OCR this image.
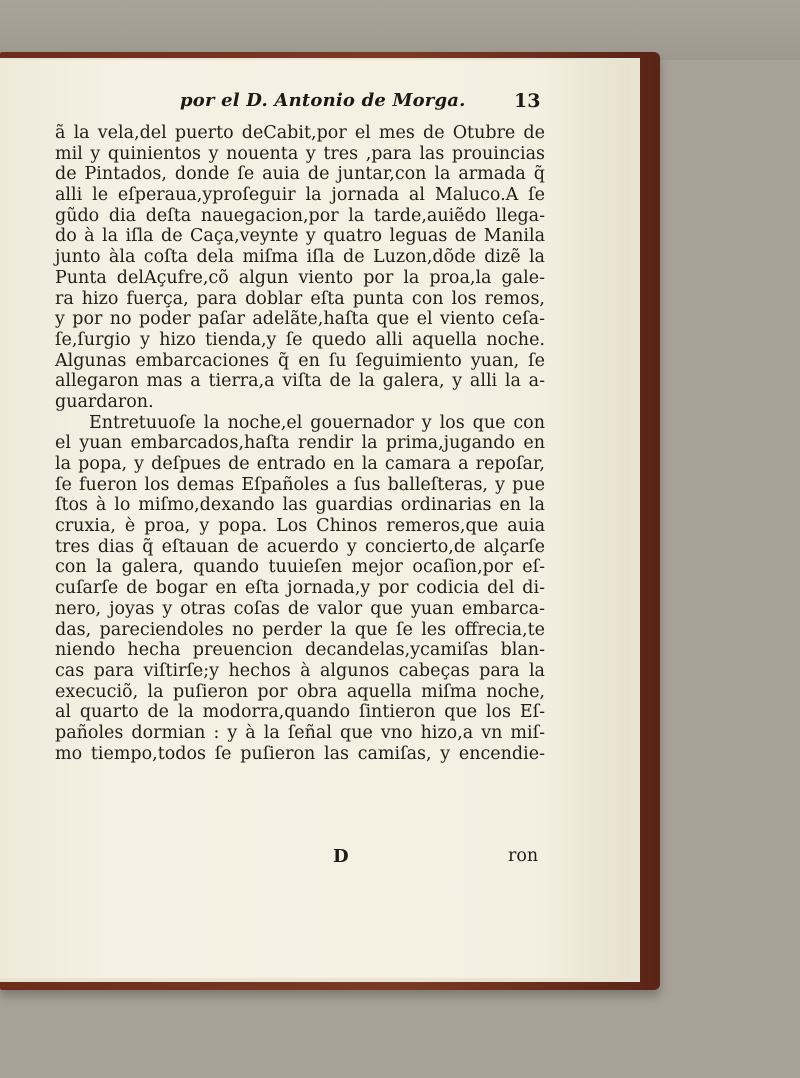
por el D. Antonio de Morga.	13
ã la vela,del puerto deCabit,por el mes de Otubre de
mil y quinientos y nouenta y tres ,para las prouincias
de Pintados, donde ſe auia de juntar,con la armada q̃
alli le eſperaua,yproſeguir la jornada al Maluco.A ſe
gũdo dia deſta nauegacion,por la tarde,auiẽdo llega-
do à la iſla de Caça,veynte y quatro leguas de Manila
junto àla coſta dela miſma iſla de Luzon,dõde dizẽ la
Punta delAçufre,cõ algun viento por la proa,la gale-
ra hizo fuerça, para doblar eſta punta con los remos,
y por no poder paſar adelãte,haſta que el viento ceſa-
ſe,ſurgio y hizo tienda,y ſe quedo alli aquella noche.
Algunas embarcaciones q̃ en ſu ſeguimiento yuan, ſe
allegaron mas a tierra,a viſta de la galera, y alli la a-
guardaron.
Entretuuoſe la noche,el gouernador y los que con
el yuan embarcados,haſta rendir la prima,jugando en
la popa, y deſpues de entrado en la camara a repoſar,
ſe fueron los demas Eſpañoles a ſus balleſteras, y pue
ſtos à lo miſmo,dexando las guardias ordinarias en la
cruxia, è proa, y popa. Los Chinos remeros,que auia
tres dias q̃ eſtauan de acuerdo y concierto,de alçarſe
con la galera, quando tuuieſen mejor ocaſion,por eſ-
cuſarſe de bogar en eſta jornada,y por codicia del di-
nero, joyas y otras coſas de valor que yuan embarca-
das, pareciendoles no perder la que ſe les offrecia,te
niendo hecha preuencion decandelas,ycamiſas blan-
cas para viſtirſe;y hechos à algunos cabeças para la
execuciõ, la puſieron por obra aquella miſma noche,
al quarto de la modorra,quando ſintieron que los Eſ-
pañoles dormian : y à la ſeñal que vno hizo,a vn miſ-
mo tiempo,todos ſe puſieron las camiſas, y encendie-
D	ron
